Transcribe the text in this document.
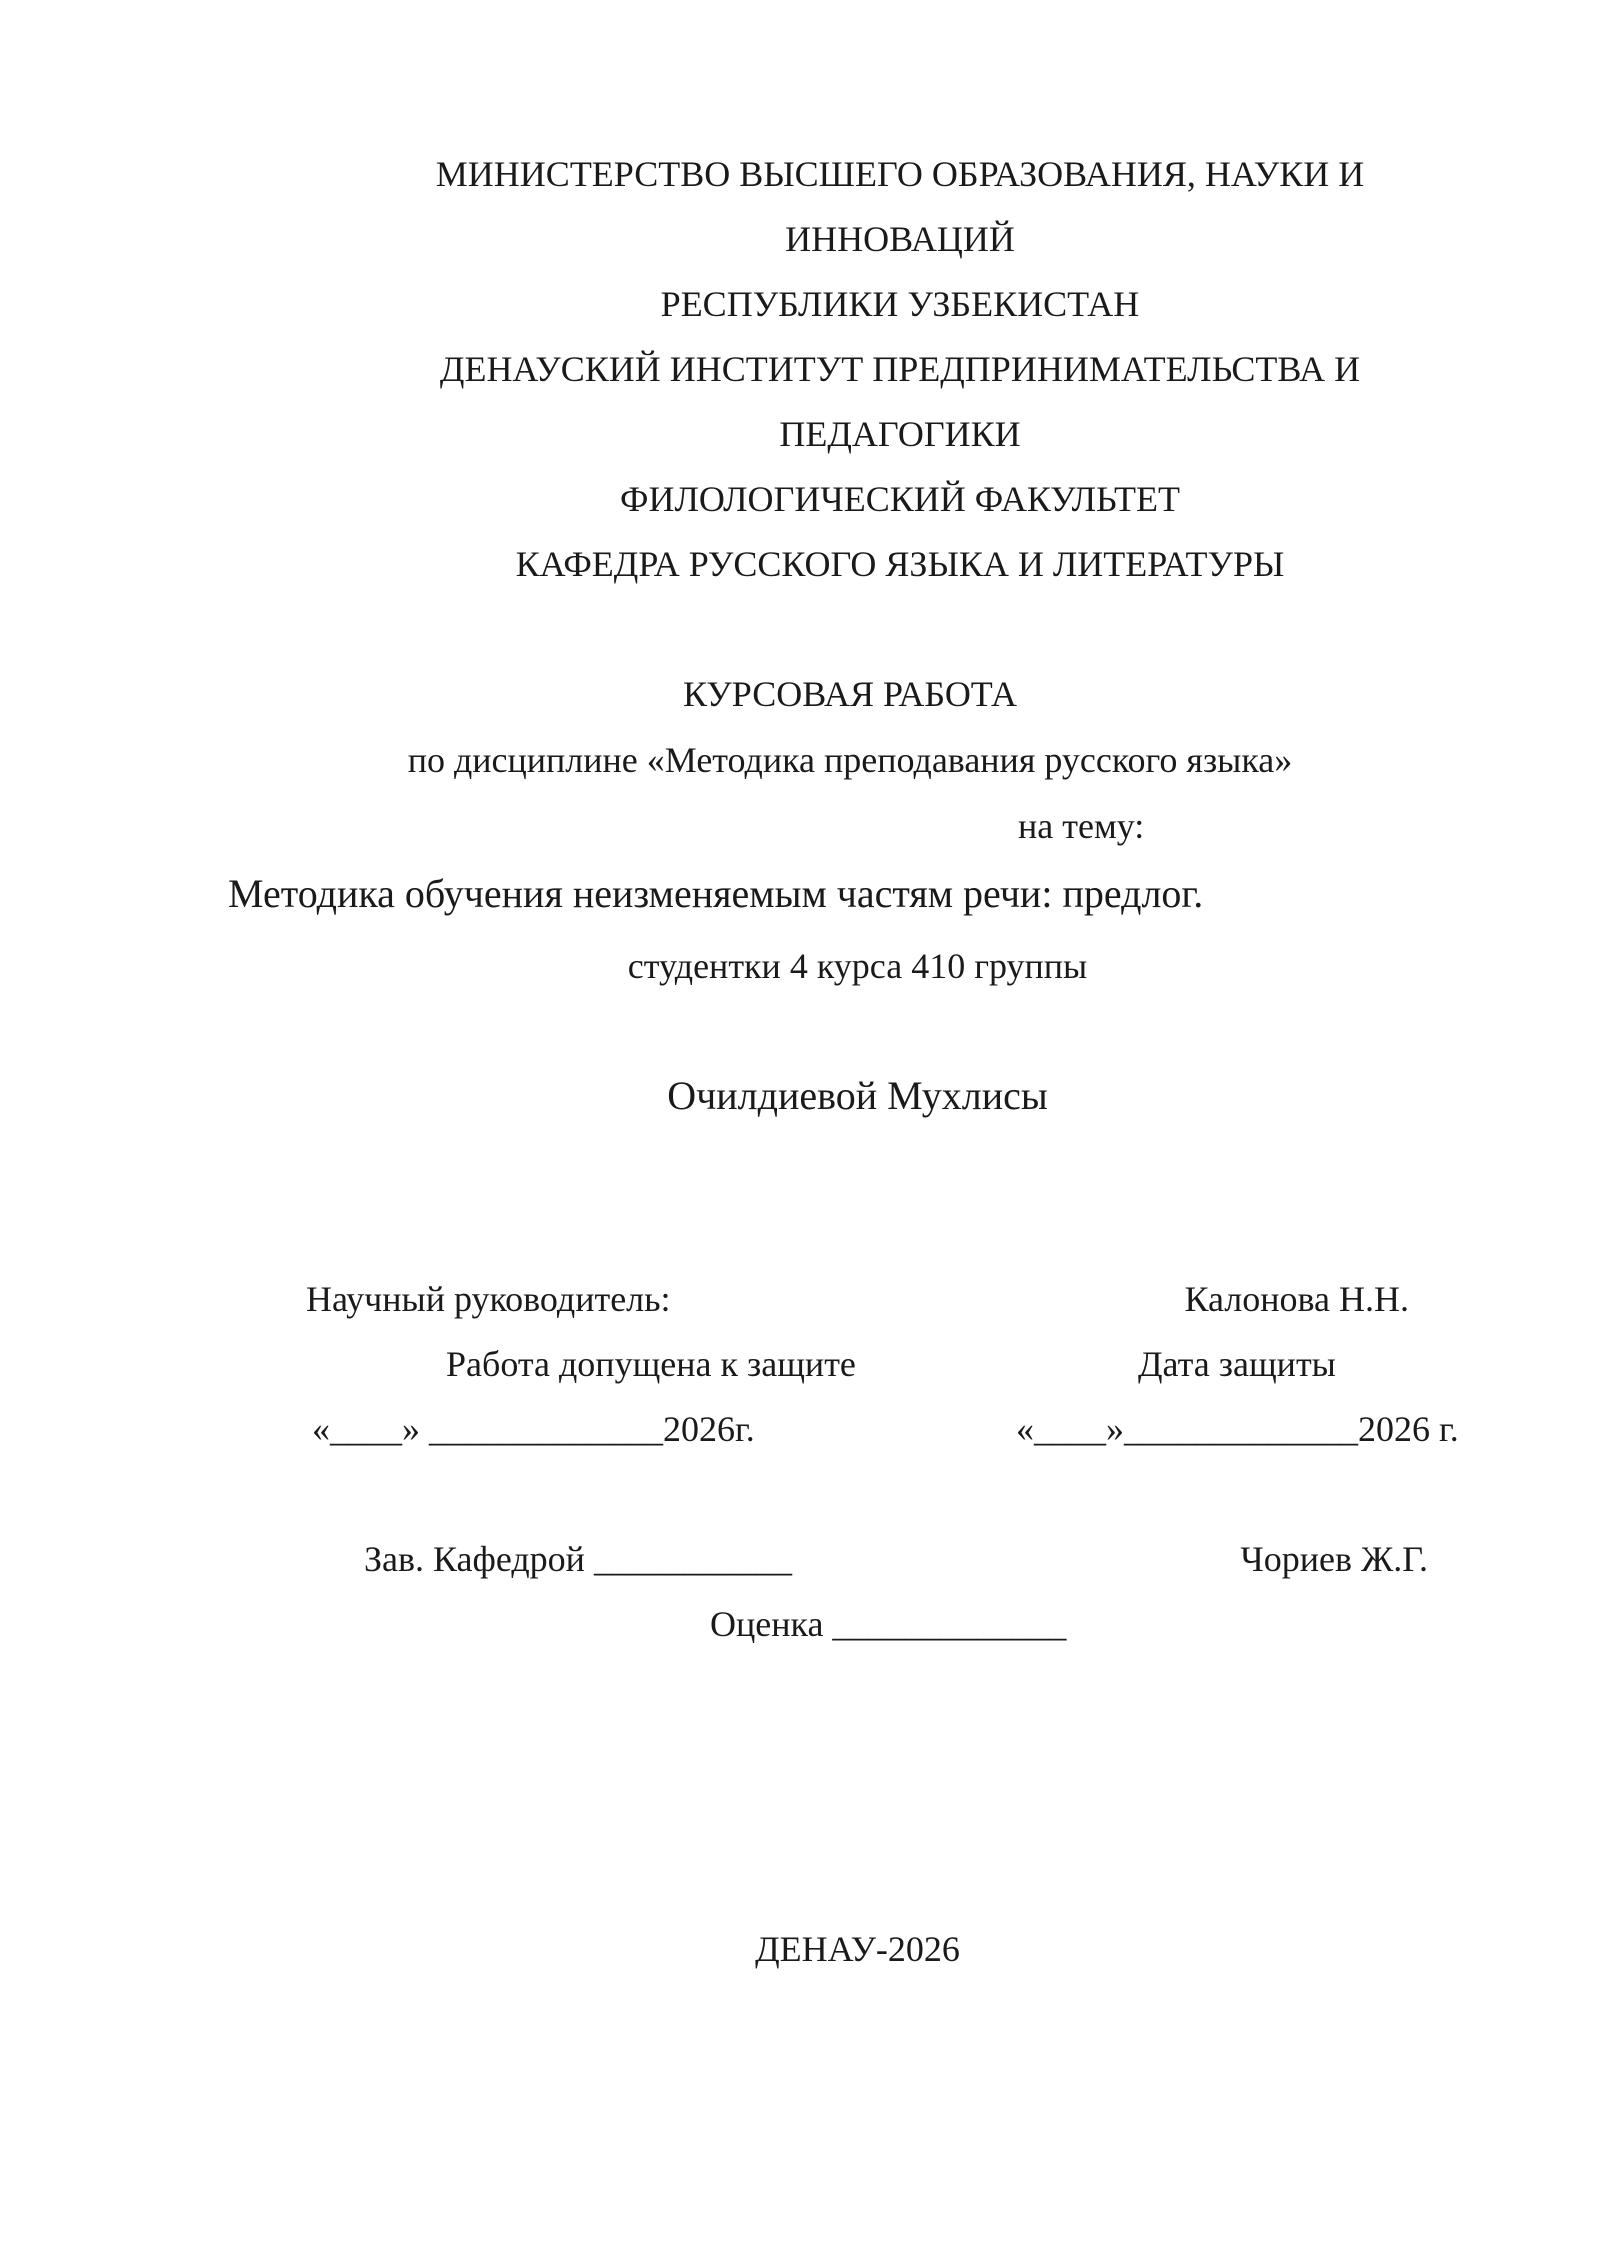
МИНИСТЕРСТВО ВЫСШЕГО ОБРАЗОВАНИЯ, НАУКИ И
ИННОВАЦИЙ
РЕСПУБЛИКИ УЗБЕКИСТАН
ДЕНАУСКИЙ ИНСТИТУТ ПРЕДПРИНИМАТЕЛЬСТВА И
ПЕДАГОГИКИ
ФИЛОЛОГИЧЕСКИЙ ФАКУЛЬТЕТ
КАФЕДРА РУССКОГО ЯЗЫКА И ЛИТЕРАТУРЫ
КУРСОВАЯ РАБОТА
по дисциплине «Методика преподавания русского языка»
на тему:
Методика обучения неизменяемым частям речи: предлог.
студентки 4 курса 410 группы
Очилдиевой Мухлисы
Научный руководитель:	Калонова Н.Н.
Работа допущена к защите	Дата защиты
«____» _____________2026г.	«____»_____________2026 г.
Зав. Кафедрой ___________	Чориев Ж.Г.
Оценка _____________
ДЕНАУ-2026
